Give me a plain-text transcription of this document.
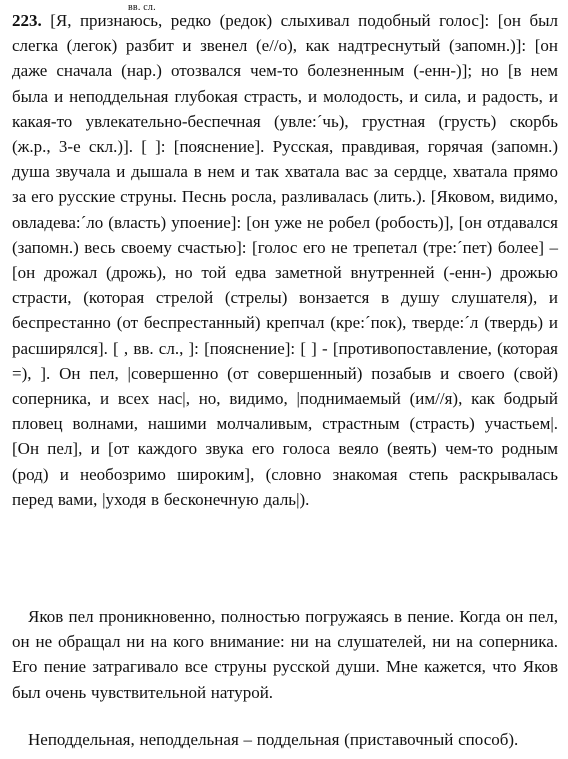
вв. сл.
223. [Я, признаюсь, редко (редок) слыхивал подобный голос]: [он был слегка (легок) разбит и звенел (е//о), как надтреснутый (запомн.)]: [он даже сначала (нар.) отозвался чем-то болезненным (-енн-)]; но [в нем была и неподдельная глубокая страсть, и молодость, и сила, и радость, и какая-то увлекательно-беспечная (увле:´чь), грустная (грусть) скорбь (ж.р., 3-е скл.)]. [ ]: [пояснение]. Русская, правдивая, горячая (запомн.) душа звучала и дышала в нем и так хватала вас за сердце, хватала прямо за его русские струны. Песнь росла, разливалась (лить.). [Яковом, видимо, овладева:´ло (власть) упоение]: [он уже не робел (робость)], [он отдавался (запомн.) весь своему счастью]: [голос его не трепетал (тре:´пет) более] – [он дрожал (дрожь), но той едва заметной внутренней (-енн-) дрожью страсти, (которая стрелой (стрелы) вонзается в душу слушателя), и беспрестанно (от беспрестанный) крепчал (кре:´пок), тверде:´л (твердь) и расширялся]. [ , вв. сл., ]: [пояснение]: [ ] - [противопоставление, (которая =), ]. Он пел, |совершенно (от совершенный) позабыв и своего (свой) соперника, и всех нас|, но, видимо, |поднимаемый (им//я), как бодрый пловец волнами, нашими молчаливым, страстным (страсть) участьем|. [Он пел], и [от каждого звука его голоса веяло (веять) чем-то родным (род) и необозримо широким], (словно знакомая степь раскрывалась перед вами, |уходя в бесконечную даль|).
Яков пел проникновенно, полностью погружаясь в пение. Когда он пел, он не обращал ни на кого внимание: ни на слушателей, ни на соперника. Его пение затрагивало все струны русской души. Мне кажется, что Яков был очень чувствительной натурой.
Неподдельная, неподдельная – поддельная (приставочный способ).
